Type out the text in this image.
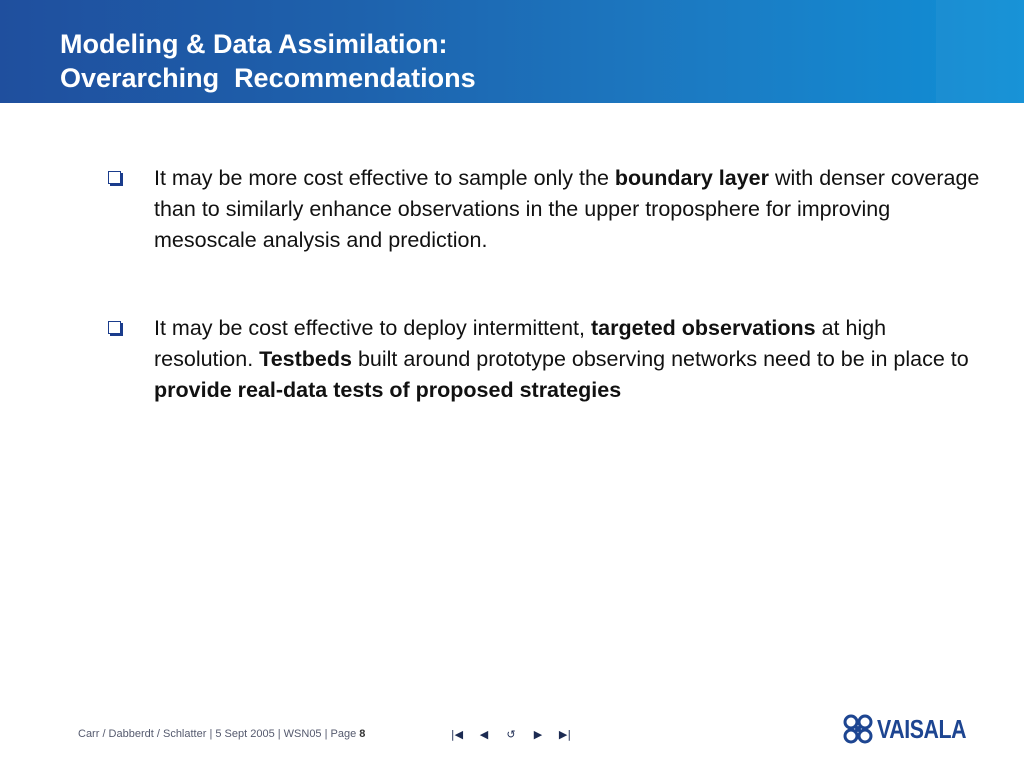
Modeling & Data Assimilation:
Overarching  Recommendations
It may be more cost effective to sample only the boundary layer with denser coverage than to similarly enhance observations in the upper troposphere for improving mesoscale analysis and prediction.
It may be cost effective to deploy intermittent, targeted observations at high resolution. Testbeds built around prototype observing networks need to be in place to provide real-data tests of proposed strategies
Carr / Dabberdt / Schlatter | 5 Sept 2005 | WSN05 | Page 8	|◀	◀	↺	▶	▶|	VAISALA
